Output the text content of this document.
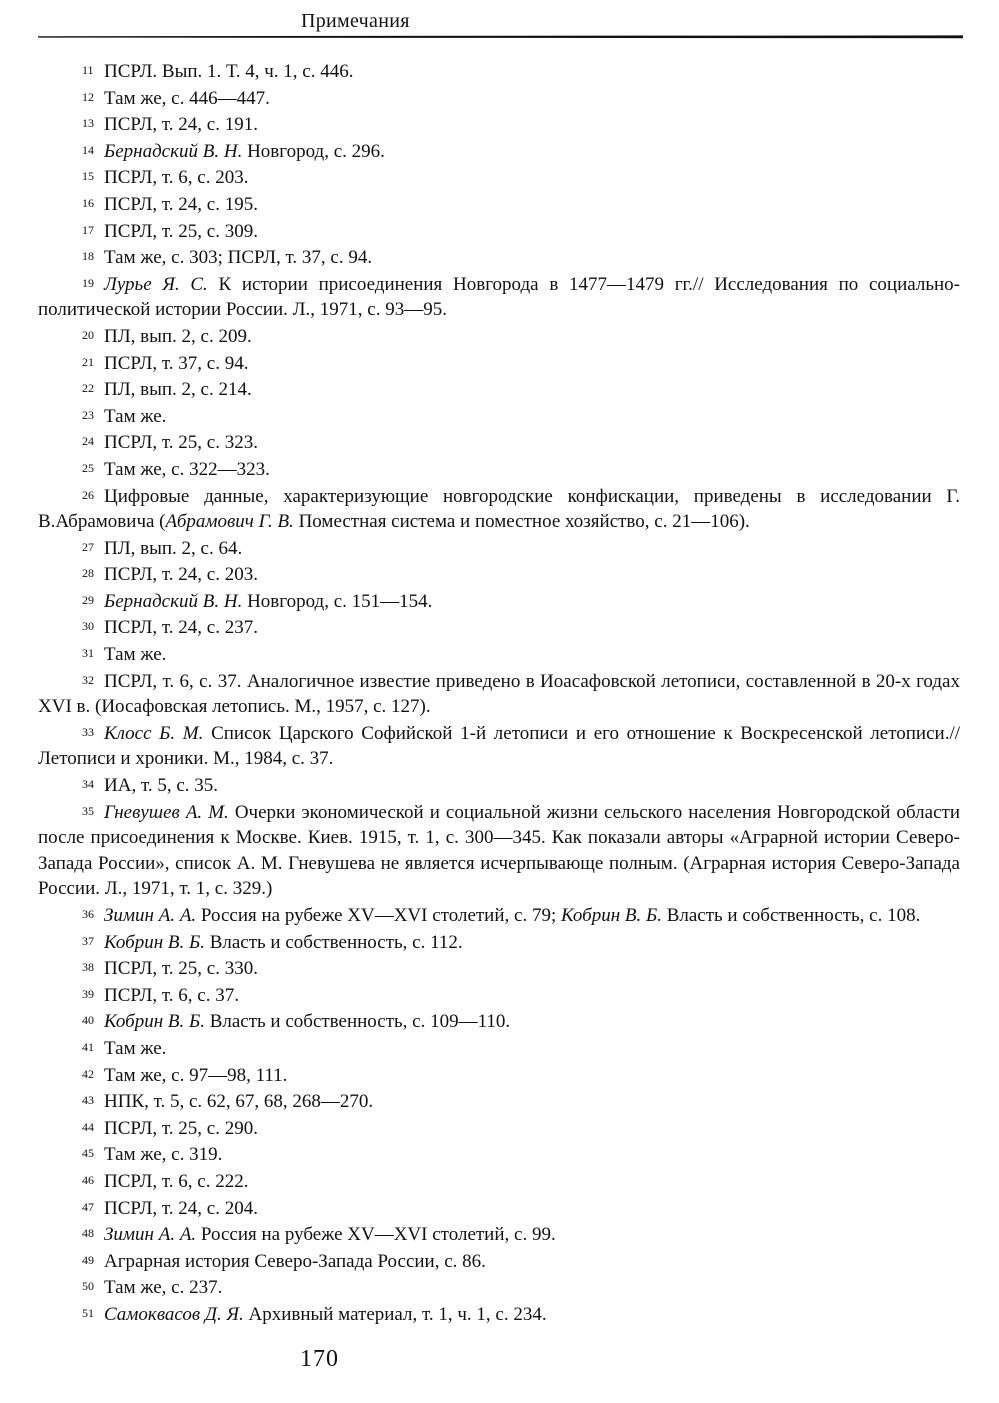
Примечания
11 ПСРЛ. Вып. 1. Т. 4, ч. 1, с. 446.
12 Там же, с. 446—447.
13 ПСРЛ, т. 24, с. 191.
14 Бернадский В. Н. Новгород, с. 296.
15 ПСРЛ, т. 6, с. 203.
16 ПСРЛ, т. 24, с. 195.
17 ПСРЛ, т. 25, с. 309.
18 Там же, с. 303; ПСРЛ, т. 37, с. 94.
19 Лурье Я. С. К истории присоединения Новгорода в 1477—1479 гг.// Исследования по социально-политической истории России. Л., 1971, с. 93—95.
20 ПЛ, вып. 2, с. 209.
21 ПСРЛ, т. 37, с. 94.
22 ПЛ, вып. 2, с. 214.
23 Там же.
24 ПСРЛ, т. 25, с. 323.
25 Там же, с. 322—323.
26 Цифровые данные, характеризующие новгородские конфискации, приведены в исследовании Г. В.Абрамовича (Абрамович Г. В. Поместная система и поместное хозяйство, с. 21—106).
27 ПЛ, вып. 2, с. 64.
28 ПСРЛ, т. 24, с. 203.
29 Бернадский В. Н. Новгород, с. 151—154.
30 ПСРЛ, т. 24, с. 237.
31 Там же.
32 ПСРЛ, т. 6, с. 37. Аналогичное известие приведено в Иоасафовской летописи, составленной в 20-х годах XVI в. (Иосафовская летопись. М., 1957, с. 127).
33 Клосс Б. М. Список Царского Софийской 1-й летописи и его отношение к Воскресенской летописи.// Летописи и хроники. М., 1984, с. 37.
34 ИА, т. 5, с. 35.
35 Гневушев А. М. Очерки экономической и социальной жизни сельского населения Новгородской области после присоединения к Москве. Киев. 1915, т. 1, с. 300—345. Как показали авторы «Аграрной истории Северо-Запада России», список А. М. Гневушева не является исчерпывающе полным. (Аграрная история Северо-Запада России. Л., 1971, т. 1, с. 329.)
36 Зимин А. А. Россия на рубеже XV—XVI столетий, с. 79; Кобрин В. Б. Власть и собственность, с. 108.
37 Кобрин В. Б. Власть и собственность, с. 112.
38 ПСРЛ, т. 25, с. 330.
39 ПСРЛ, т. 6, с. 37.
40 Кобрин В. Б. Власть и собственность, с. 109—110.
41 Там же.
42 Там же, с. 97—98, 111.
43 НПК, т. 5, с. 62, 67, 68, 268—270.
44 ПСРЛ, т. 25, с. 290.
45 Там же, с. 319.
46 ПСРЛ, т. 6, с. 222.
47 ПСРЛ, т. 24, с. 204.
48 Зимин А. А. Россия на рубеже XV—XVI столетий, с. 99.
49 Аграрная история Северо-Запада России, с. 86.
50 Там же, с. 237.
51 Самоквасов Д. Я. Архивный материал, т. 1, ч. 1, с. 234.
170
